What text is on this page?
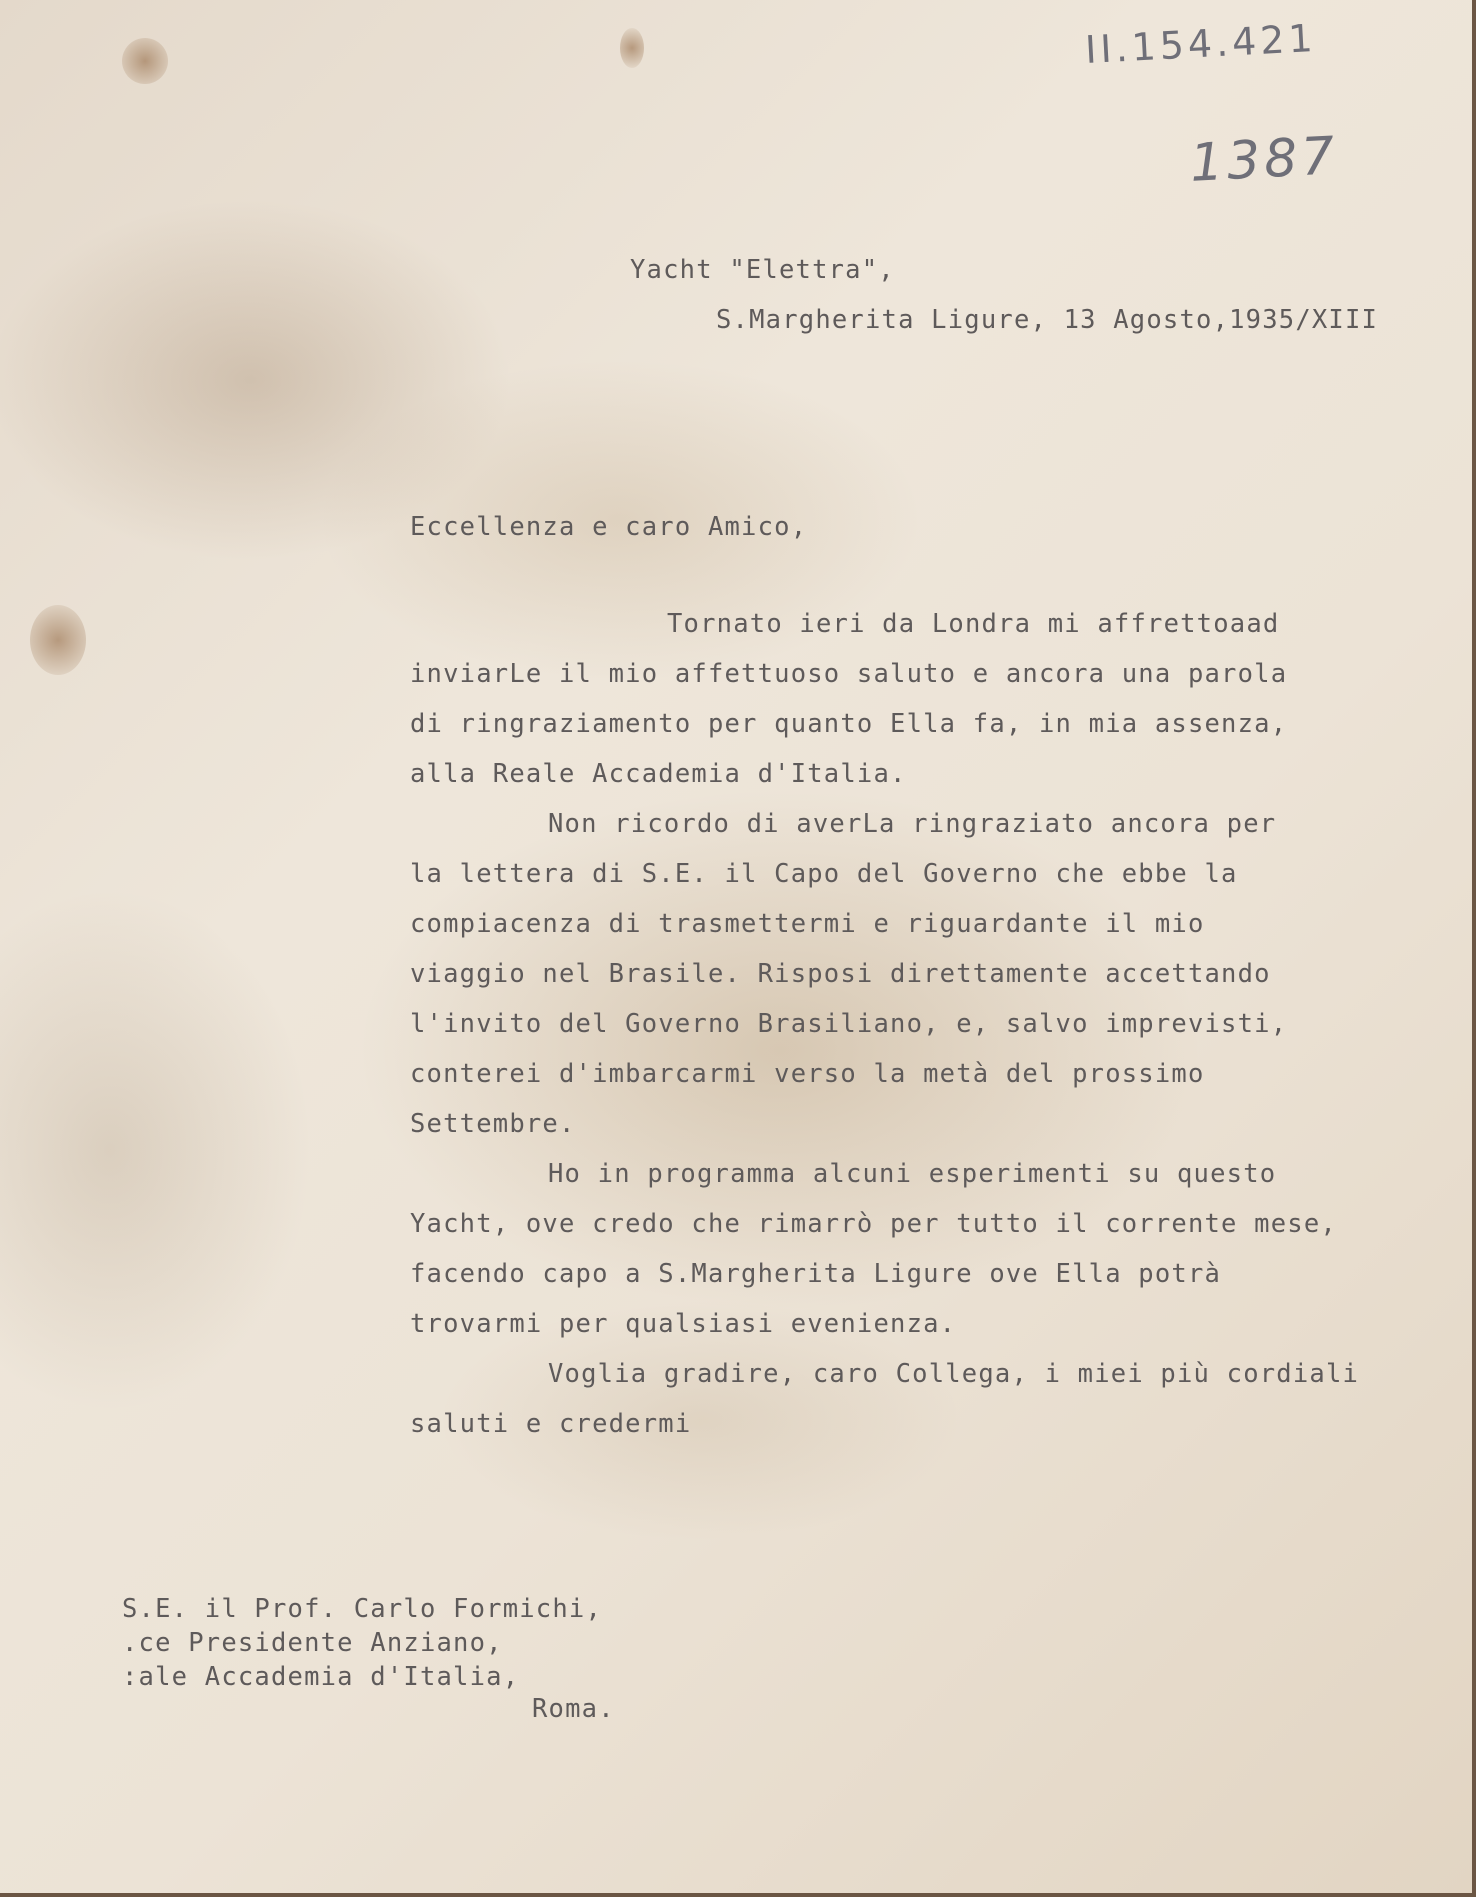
II.154.421
1387
Yacht "Elettra",
S.Margherita Ligure, 13 Agosto,1935/XIII
Eccellenza e caro Amico,
Tornato ieri da Londra mi affrettoaad
inviarLe il mio affettuoso saluto e ancora una parola
di ringraziamento per quanto Ella fa, in mia assenza,
alla Reale Accademia d'Italia.
Non ricordo di averLa ringraziato ancora per
la lettera di S.E. il Capo del Governo che ebbe la
compiacenza di trasmettermi e riguardante il mio
viaggio nel Brasile. Risposi direttamente accettando
l'invito del Governo Brasiliano, e, salvo imprevisti,
conterei d'imbarcarmi verso la metà del prossimo
Settembre.
Ho in programma alcuni esperimenti su questo
Yacht, ove credo che rimarrò per tutto il corrente mese,
facendo capo a S.Margherita Ligure ove Ella potrà
trovarmi per qualsiasi evenienza.
Voglia gradire, caro Collega, i miei più cordiali
saluti e credermi
S.E. il Prof. Carlo Formichi,
.ce Presidente Anziano,
:ale Accademia d'Italia,
Roma.
